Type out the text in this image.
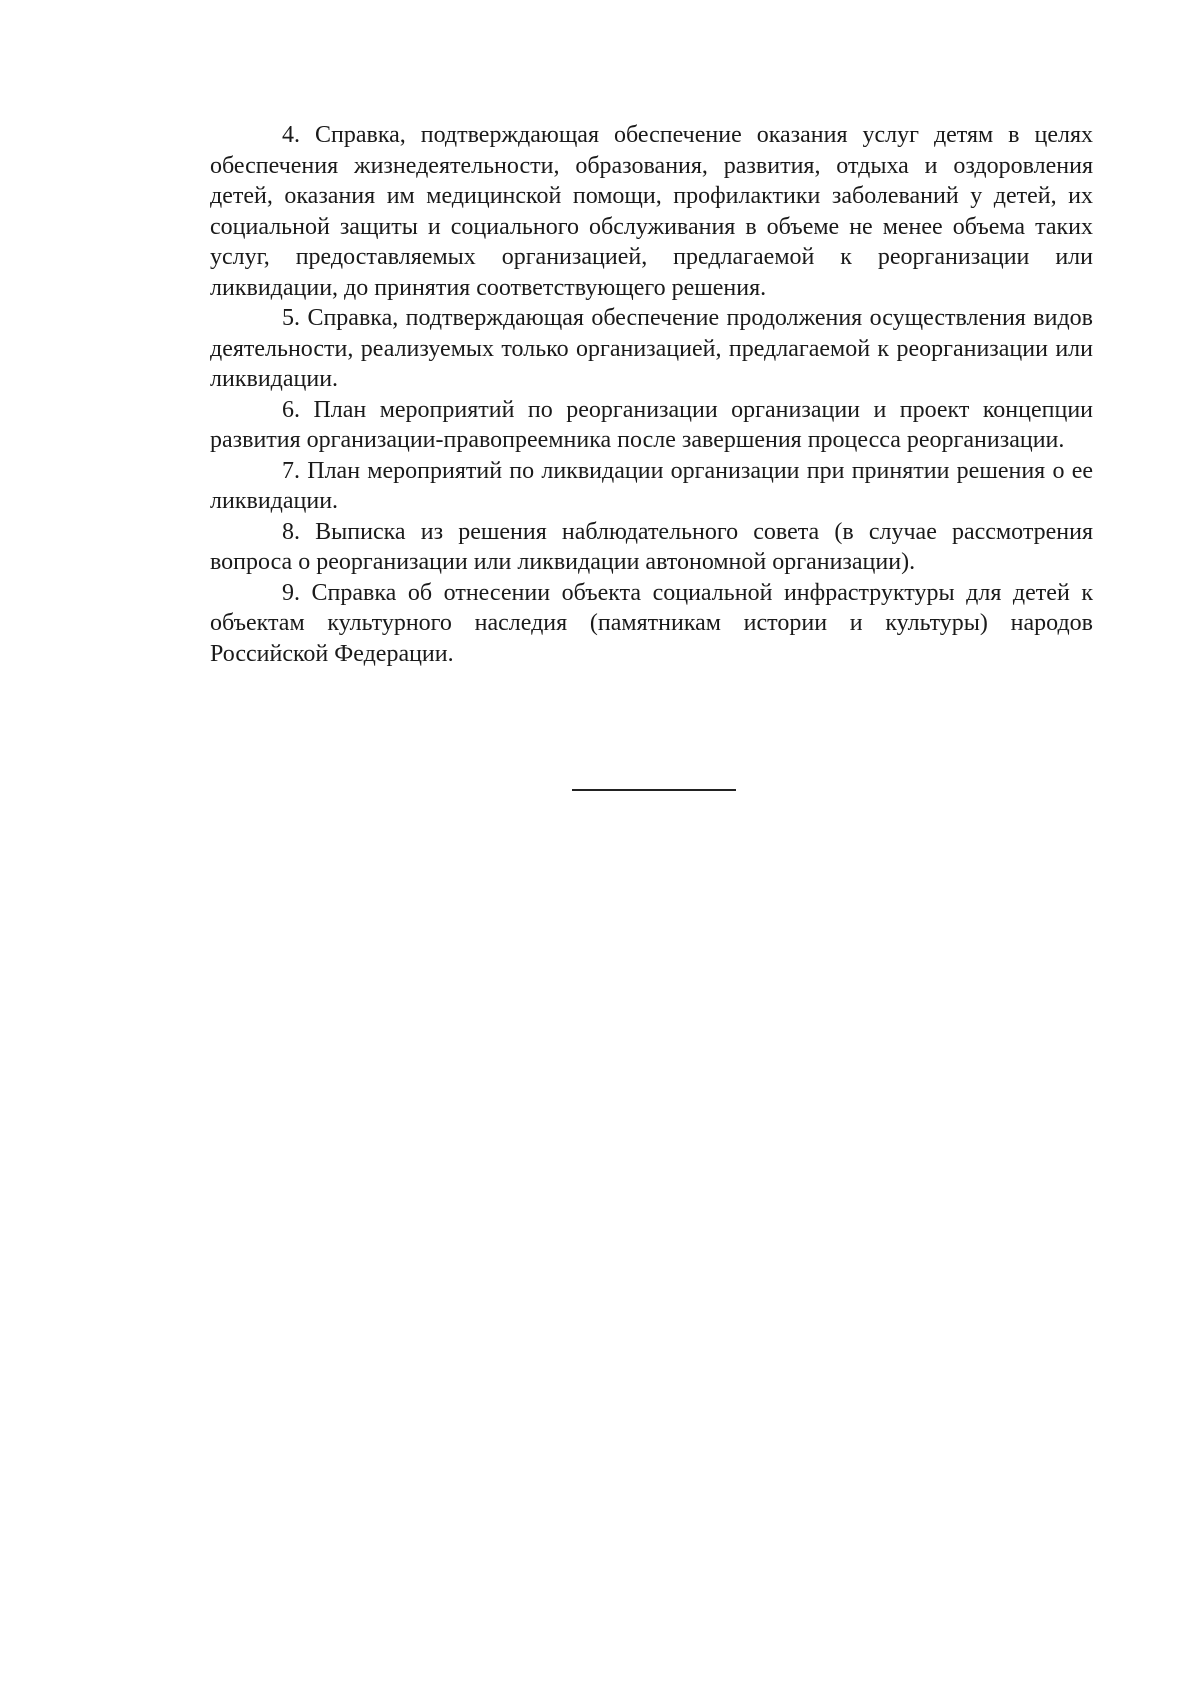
4. Справка, подтверждающая обеспечение оказания услуг детям в целях обеспечения жизнедеятельности, образования, развития, отдыха и оздоровления детей, оказания им медицинской помощи, профилактики заболеваний у детей, их социальной защиты и социального обслуживания в объеме не менее объема таких услуг, предоставляемых организацией, предлагаемой к реорганизации или ликвидации, до принятия соответствующего решения.

5. Справка, подтверждающая обеспечение продолжения осуществления видов деятельности, реализуемых только организацией, предлагаемой к реорганизации или ликвидации.

6. План мероприятий по реорганизации организации и проект концепции развития организации-правопреемника после завершения процесса реорганизации.

7. План мероприятий по ликвидации организации при принятии решения о ее ликвидации.

8. Выписка из решения наблюдательного совета (в случае рассмотрения вопроса о реорганизации или ликвидации автономной организации).

9. Справка об отнесении объекта социальной инфраструктуры для детей к объектам культурного наследия (памятникам истории и культуры) народов Российской Федерации.
